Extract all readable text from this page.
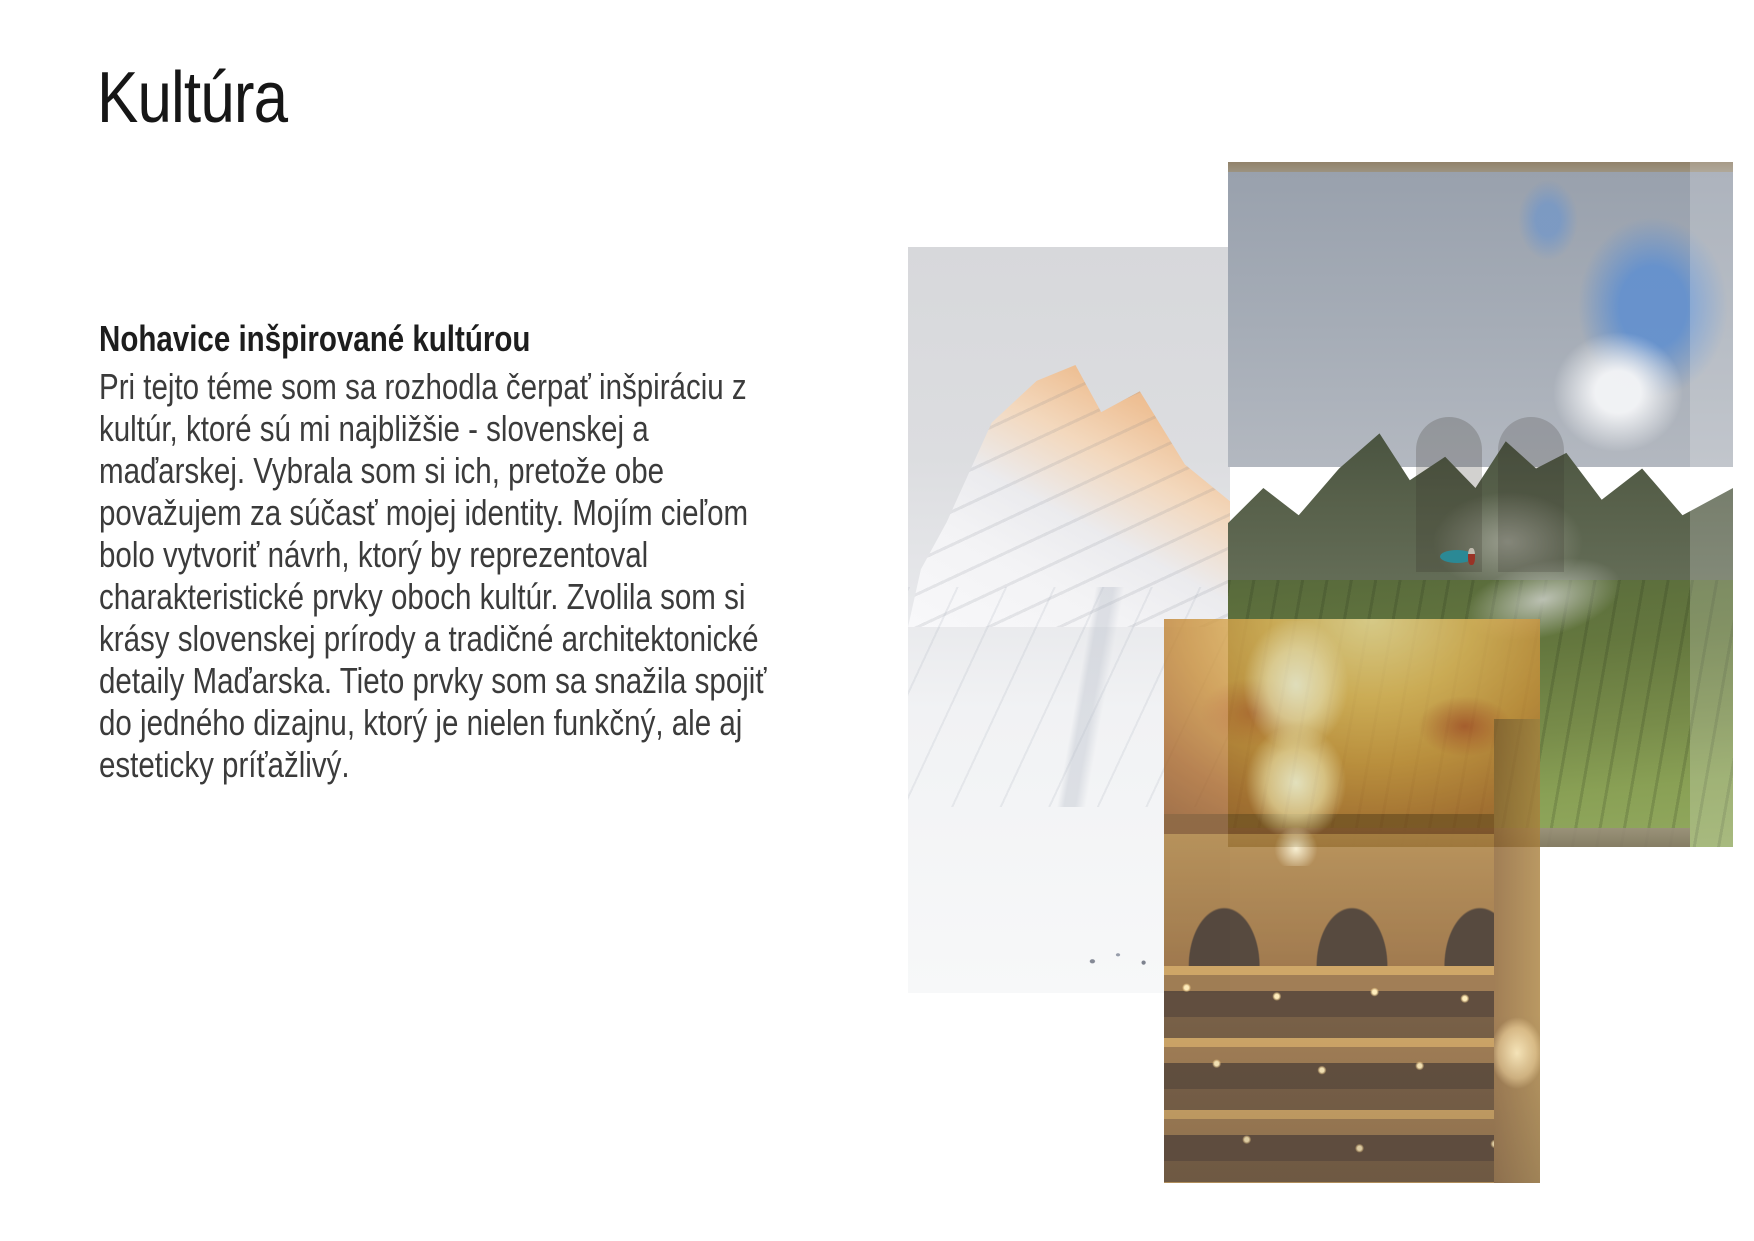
Kultúra
Nohavice inšpirované kultúrou
Pri tejto téme som sa rozhodla čerpať inšpiráciu z
kultúr, ktoré sú mi najbližšie - slovenskej a
maďarskej. Vybrala som si ich, pretože obe
považujem za súčasť mojej identity. Mojím cieľom
bolo vytvoriť návrh, ktorý by reprezentoval
charakteristické prvky oboch kultúr. Zvolila som si
krásy slovenskej prírody a tradičné architektonické
detaily Maďarska. Tieto prvky som sa snažila spojiť
do jedného dizajnu, ktorý je nielen funkčný, ale aj
esteticky príťažlivý.
